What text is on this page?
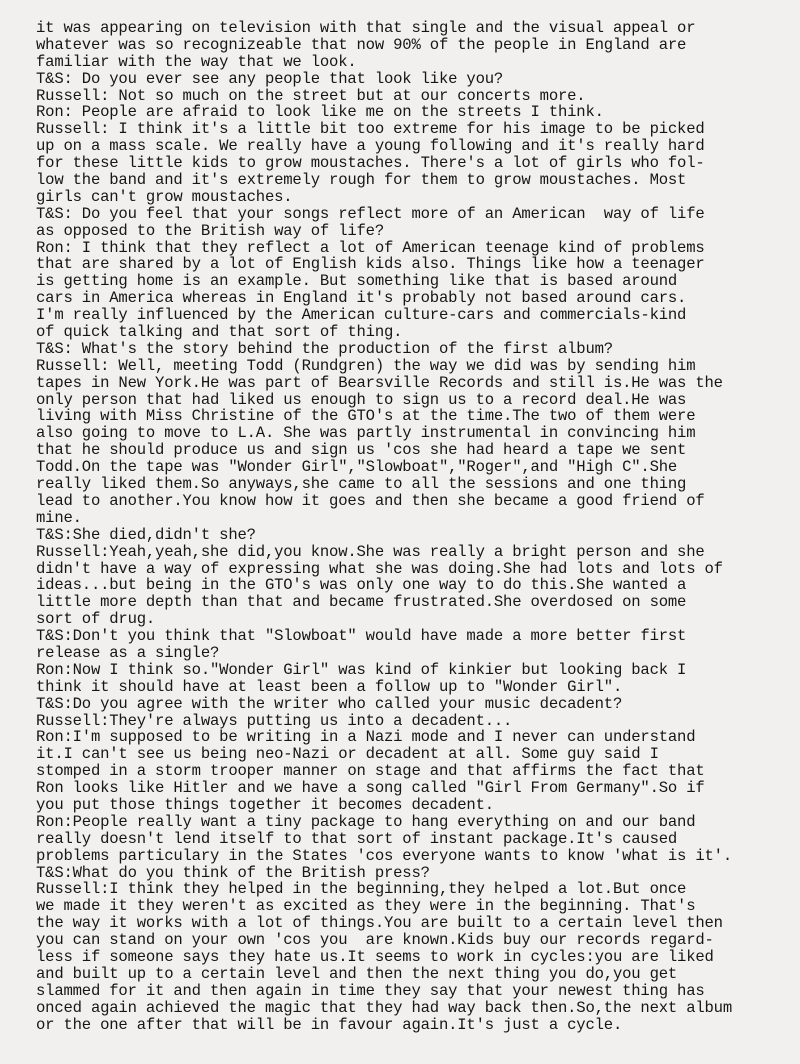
it was appearing on television with that single and the visual appeal or
whatever was so recognizeable that now 90% of the people in England are
familiar with the way that we look.
T&S: Do you ever see any people that look like you?
Russell: Not so much on the street but at our concerts more.
Ron: People are afraid to look like me on the streets I think.
Russell: I think it's a little bit too extreme for his image to be picked
up on a mass scale. We really have a young following and it's really hard
for these little kids to grow moustaches. There's a lot of girls who fol-
low the band and it's extremely rough for them to grow moustaches. Most
girls can't grow moustaches.
T&S: Do you feel that your songs reflect more of an American  way of life
as opposed to the British way of life?
Ron: I think that they reflect a lot of American teenage kind of problems
that are shared by a lot of English kids also. Things like how a teenager
is getting home is an example. But something like that is based around
cars in America whereas in England it's probably not based around cars.
I'm really influenced by the American culture-cars and commercials-kind
of quick talking and that sort of thing.
T&S: What's the story behind the production of the first album?
Russell: Well, meeting Todd (Rundgren) the way we did was by sending him
tapes in New York.He was part of Bearsville Records and still is.He was the
only person that had liked us enough to sign us to a record deal.He was
living with Miss Christine of the GTO's at the time.The two of them were
also going to move to L.A. She was partly instrumental in convincing him
that he should produce us and sign us 'cos she had heard a tape we sent
Todd.On the tape was "Wonder Girl","Slowboat","Roger",and "High C".She
really liked them.So anyways,she came to all the sessions and one thing
lead to another.You know how it goes and then she became a good friend of
mine.
T&S:She died,didn't she?
Russell:Yeah,yeah,she did,you know.She was really a bright person and she
didn't have a way of expressing what she was doing.She had lots and lots of
ideas...but being in the GTO's was only one way to do this.She wanted a
little more depth than that and became frustrated.She overdosed on some
sort of drug.
T&S:Don't you think that "Slowboat" would have made a more better first
release as a single?
Ron:Now I think so."Wonder Girl" was kind of kinkier but looking back I
think it should have at least been a follow up to "Wonder Girl".
T&S:Do you agree with the writer who called your music decadent?
Russell:They're always putting us into a decadent...
Ron:I'm supposed to be writing in a Nazi mode and I never can understand
it.I can't see us being neo-Nazi or decadent at all. Some guy said I
stomped in a storm trooper manner on stage and that affirms the fact that
Ron looks like Hitler and we have a song called "Girl From Germany".So if
you put those things together it becomes decadent.
Ron:People really want a tiny package to hang everything on and our band
really doesn't lend itself to that sort of instant package.It's caused
problems particulary in the States 'cos everyone wants to know 'what is it'.
T&S:What do you think of the British press?
Russell:I think they helped in the beginning,they helped a lot.But once
we made it they weren't as excited as they were in the beginning. That's
the way it works with a lot of things.You are built to a certain level then
you can stand on your own 'cos you  are known.Kids buy our records regard-
less if someone says they hate us.It seems to work in cycles:you are liked
and built up to a certain level and then the next thing you do,you get
slammed for it and then again in time they say that your newest thing has
onced again achieved the magic that they had way back then.So,the next album
or the one after that will be in favour again.It's just a cycle.
